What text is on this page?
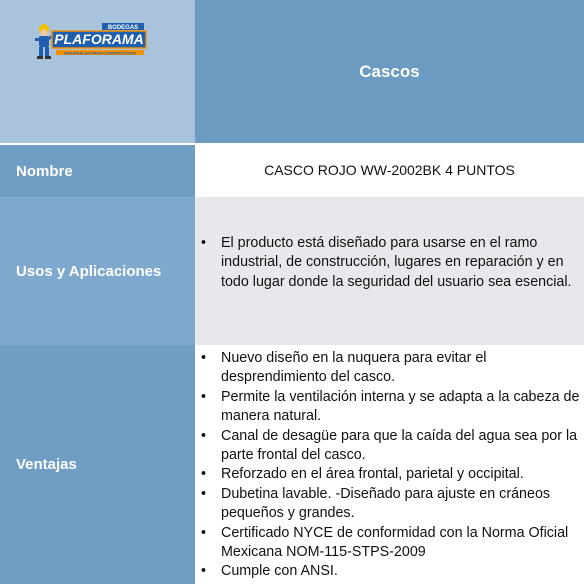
BODEGAS
PLAFORAMA
MATERIALES PARA CONSTRUCCION
Cascos
Nombre	CASCO ROJO WW-2002BK 4 PUNTOS
Usos y Aplicaciones
• El producto está diseñado para usarse en el ramo industrial, de construcción, lugares en reparación y en todo lugar donde la seguridad del usuario sea esencial.
Ventajas
• Nuevo diseño en la nuquera para evitar el desprendimiento del casco.
• Permite la ventilación interna y se adapta a la cabeza de manera natural.
• Canal de desagüe para que la caída del agua sea por la parte frontal del casco.
• Reforzado en el área frontal, parietal y occipital.
• Dubetina lavable. -Diseñado para ajuste en cráneos pequeños y grandes.
• Certificado NYCE de conformidad con la Norma Oficial Mexicana NOM-115-STPS-2009
• Cumple con ANSI.
